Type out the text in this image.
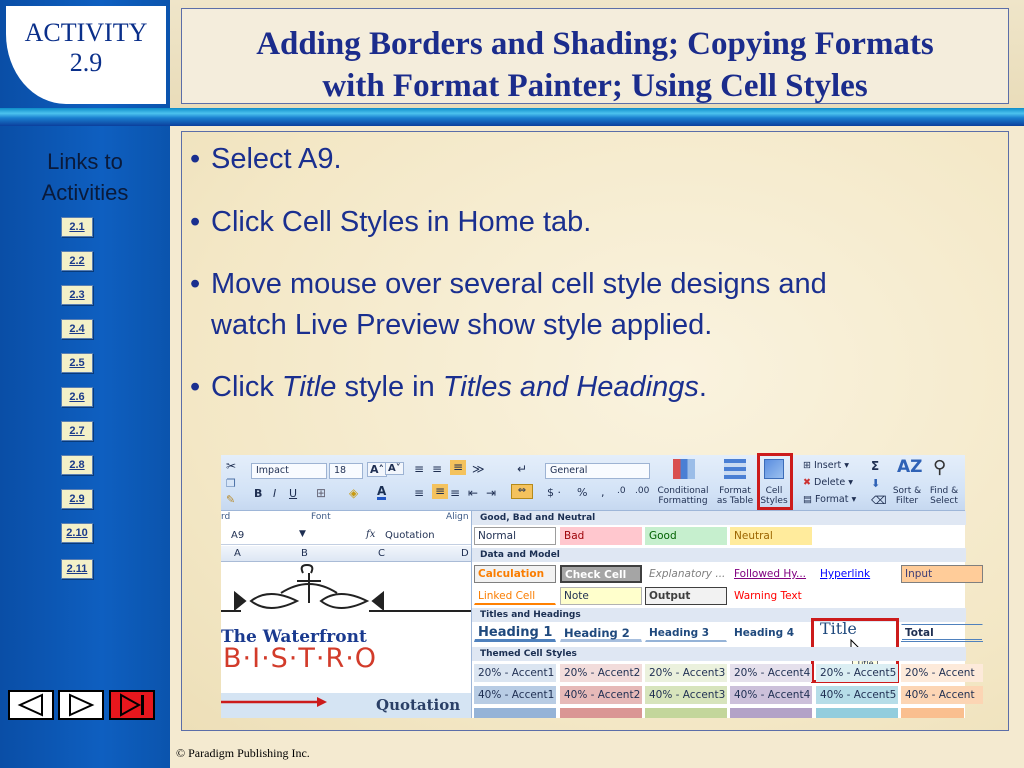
ACTIVITY
2.9
Links to
Activities
2.1
2.2
2.3
2.4
2.5
2.6
2.7
2.8
2.9
2.10
2.11
Adding Borders and Shading; Copying Formats
with Format Painter; Using Cell Styles
• Select A9.
• Click Cell Styles in Home tab.
• Move mouse over several cell style designs and
watch Live Preview show style applied.
• Click Title style in Titles and Headings.
✂
❐
✎
Impact	18	A˄ A˅
B I U ⊞ ◈ A
≡ ≡ ≡ ≫
≡ ≡ ≡ ⇤ ⇥	⇔
↵	General
$ · % , .0 .00 Conditional
Formatting
Format
as Table
Cell
Styles
⊞ Insert ▾
✖ Delete ▾
▤ Format ▾
Σ
⬇
⌫
AZ
Sort &
Filter
⚲
Find &
Select
rd	Font	Align
A9	▼	fx Quotation
A	B	C	D
The Waterfront
B·I·S·T·R·O
Quotation
Good, Bad and Neutral
Normal	Bad	Good	Neutral
Data and Model
Calculation	Check Cell	Explanatory ... Followed Hy...	Hyperlink	Input
Linked Cell	Note	Output	Warning Text
Titles and Headings
Heading 1	Heading 2	Heading 3	Heading 4	Title	Total
Themed Cell Styles
20% - Accent1 20% - Accent2 20% - Accent3 20% - Accent4 20% - Accent5 20% - Accent
40% - Accent1 40% - Accent2 40% - Accent3 40% - Accent4 40% - Accent5 40% - Accent
© Paradigm Publishing Inc.
